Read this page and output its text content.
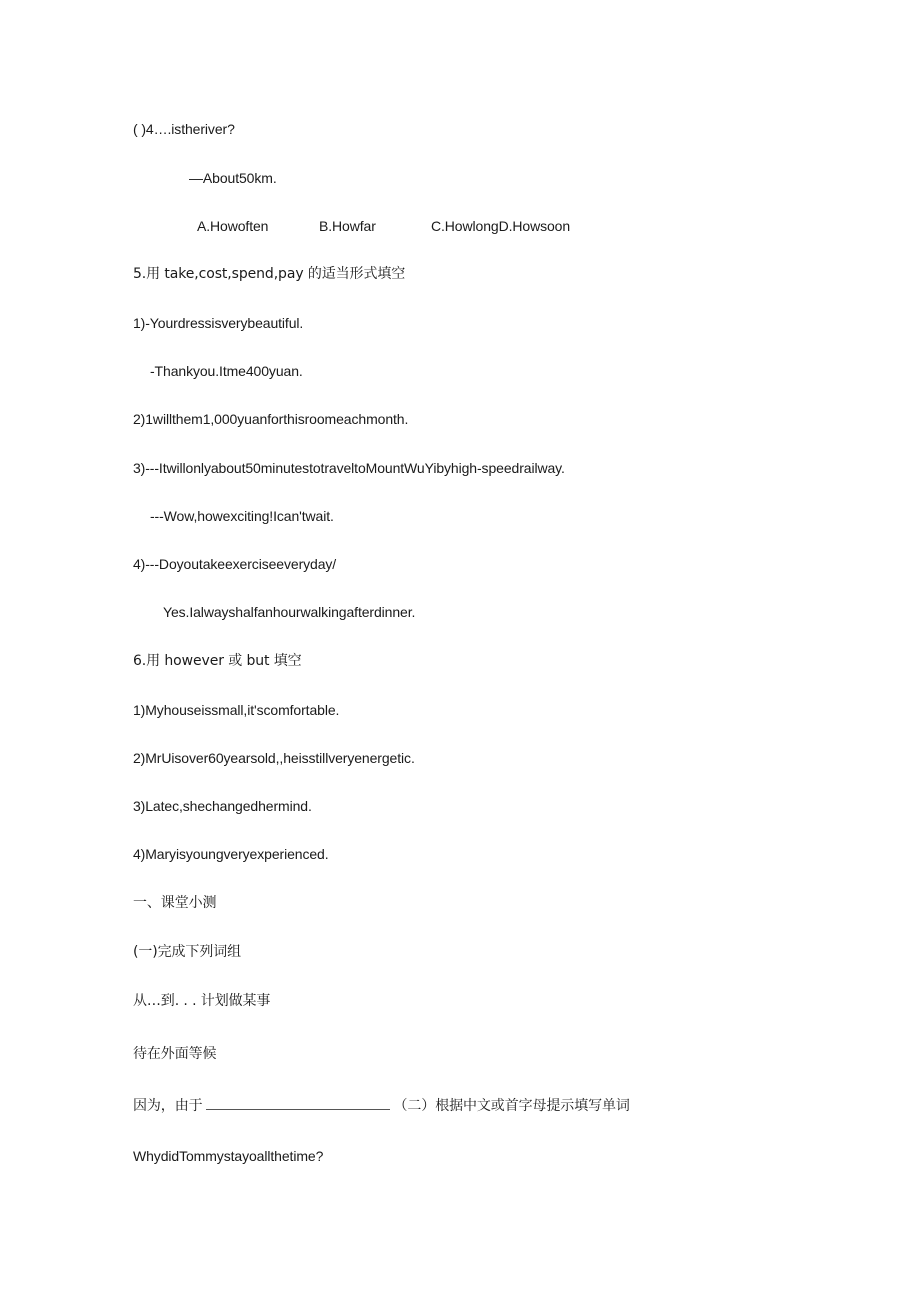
( )4….istheriver?
—About50km.
A.Howoften	B.Howfar	C.HowlongD.Howsoon
5.用 take,cost,spend,pay 的适当形式填空
1)-Yourdressisverybeautiful.
-Thankyou.Itme400yuan.
2)1willthem1,000yuanforthisroomeachmonth.
3)---Itwillonlyabout50minutestotraveltoMountWuYibyhigh-speedrailway.
---Wow,howexciting!Ican'twait.
4)---Doyoutakeexerciseeveryday/
Yes.Ialwayshalfanhourwalkingafterdinner.
6.用 however 或 but 填空
1)Myhouseissmall,it'scomfortable.
2)MrUisover60yearsold,,heisstillveryenergetic.
3)Latec,shechangedhermind.
4)Maryisyoungveryexperienced.
一、课堂小测
(一)完成下列词组
从…到. . . 计划做某事
待在外面等候
因为，由于	（二）根据中文或首字母提示填写单词
WhydidTommystayoallthetime?
